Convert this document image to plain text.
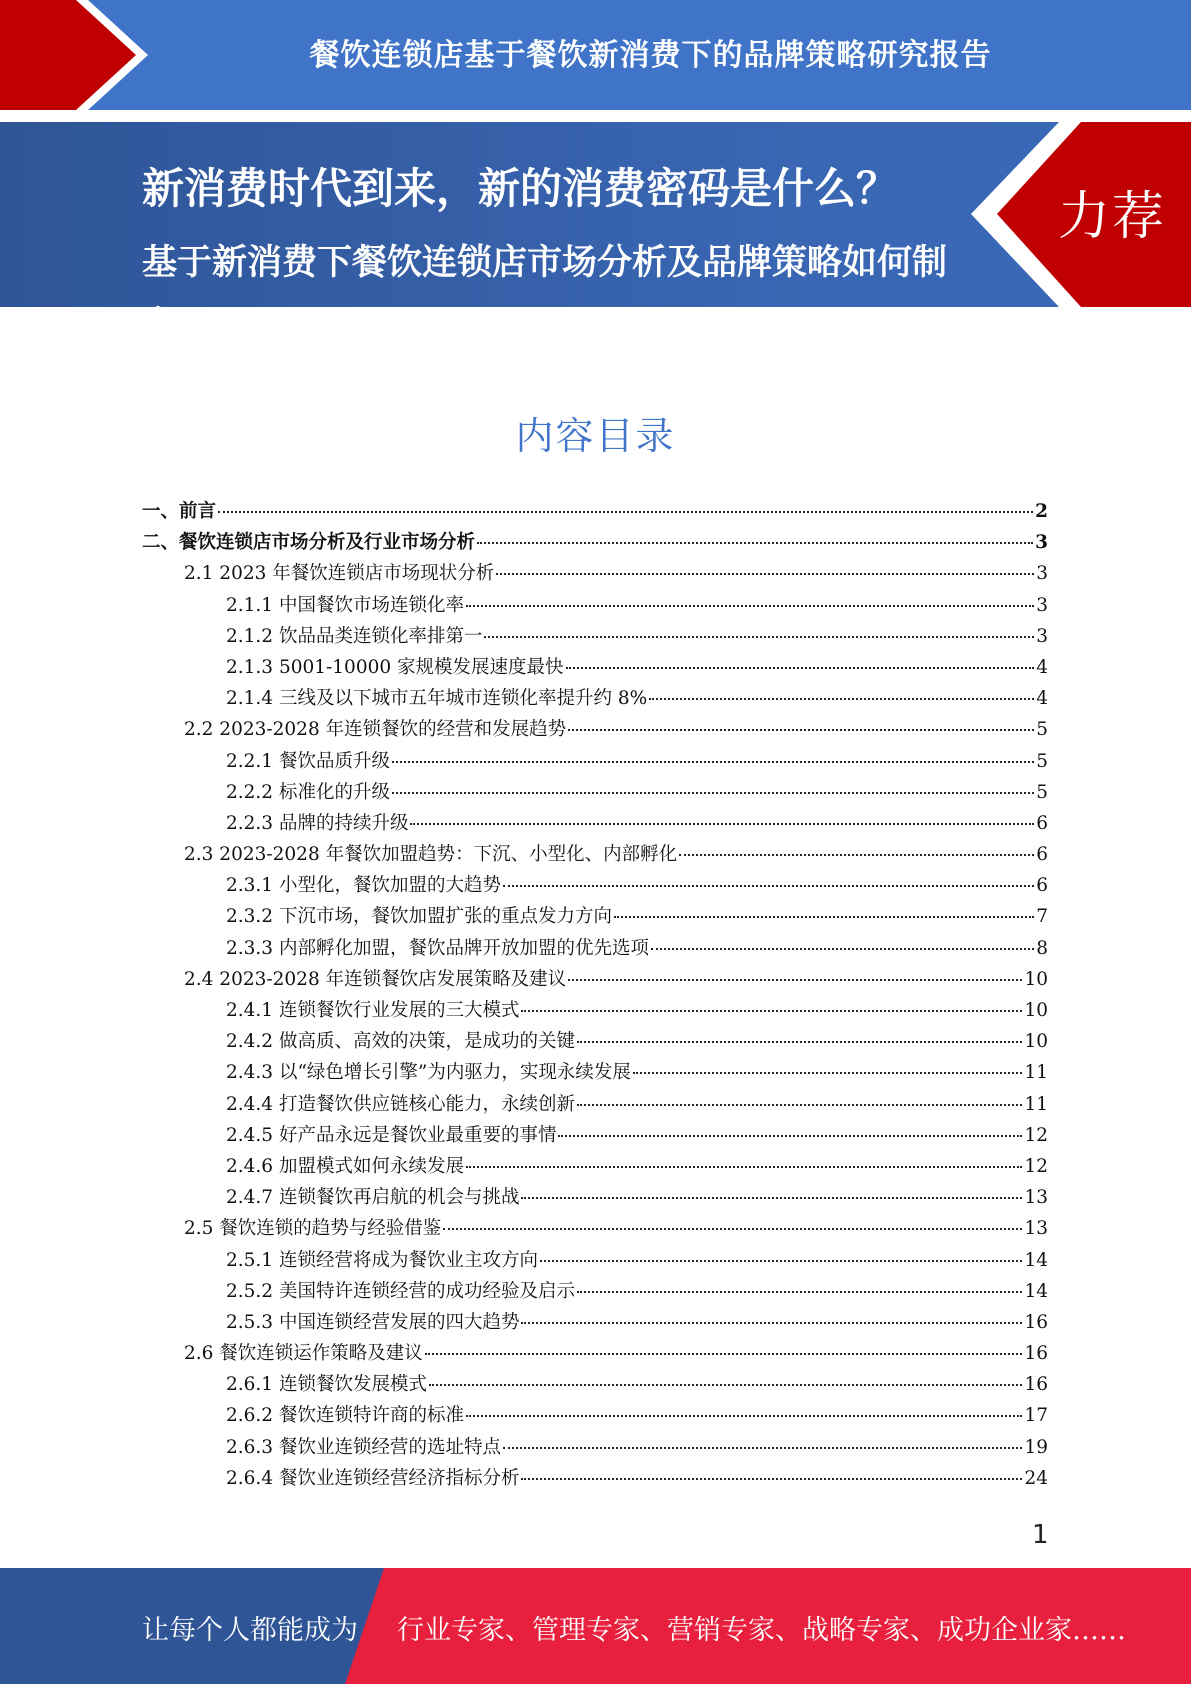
餐饮连锁店基于餐饮新消费下的品牌策略研究报告
新消费时代到来，新的消费密码是什么？
基于新消费下餐饮连锁店市场分析及品牌策略如何制定？？？
力荐
内容目录
一、前言	2
二、餐饮连锁店市场分析及行业市场分析	3
2.1 2023 年餐饮连锁店市场现状分析	3
2.1.1 中国餐饮市场连锁化率	3
2.1.2 饮品品类连锁化率排第一	3
2.1.3 5001-10000 家规模发展速度最快	4
2.1.4 三线及以下城市五年城市连锁化率提升约 8%	4
2.2 2023-2028 年连锁餐饮的经营和发展趋势	5
2.2.1 餐饮品质升级	5
2.2.2 标准化的升级	5
2.2.3 品牌的持续升级	6
2.3 2023-2028 年餐饮加盟趋势：下沉、小型化、内部孵化	6
2.3.1 小型化，餐饮加盟的大趋势	6
2.3.2 下沉市场，餐饮加盟扩张的重点发力方向	7
2.3.3 内部孵化加盟，餐饮品牌开放加盟的优先选项	8
2.4 2023-2028 年连锁餐饮店发展策略及建议	10
2.4.1 连锁餐饮行业发展的三大模式	10
2.4.2 做高质、高效的决策，是成功的关键	10
2.4.3 以“绿色增长引擎”为内驱力，实现永续发展	11
2.4.4 打造餐饮供应链核心能力，永续创新	11
2.4.5 好产品永远是餐饮业最重要的事情	12
2.4.6 加盟模式如何永续发展	12
2.4.7 连锁餐饮再启航的机会与挑战	13
2.5 餐饮连锁的趋势与经验借鉴	13
2.5.1 连锁经营将成为餐饮业主攻方向	14
2.5.2 美国特许连锁经营的成功经验及启示	14
2.5.3 中国连锁经营发展的四大趋势	16
2.6 餐饮连锁运作策略及建议	16
2.6.1 连锁餐饮发展模式	16
2.6.2 餐饮连锁特许商的标准	17
2.6.3 餐饮业连锁经营的选址特点	19
2.6.4 餐饮业连锁经营经济指标分析	24
1
让每个人都能成为 行业专家、管理专家、营销专家、战略专家、成功企业家……
